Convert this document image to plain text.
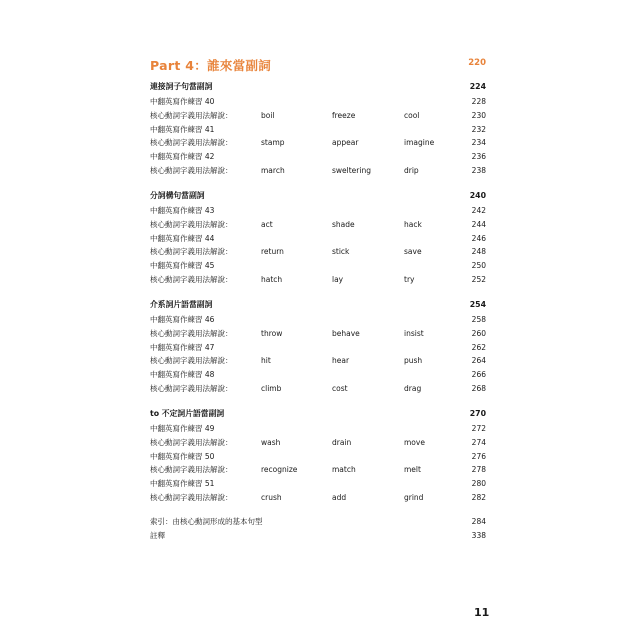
Part 4：誰來當副詞	220
連接詞子句當副詞	224
中翻英寫作練習 40	228
核心動詞字義用法解說：	boil	freeze	cool	230
中翻英寫作練習 41	232
核心動詞字義用法解說：	stamp	appear	imagine	234
中翻英寫作練習 42	236
核心動詞字義用法解說：	march	sweltering	drip	238
分詞構句當副詞	240
中翻英寫作練習 43	242
核心動詞字義用法解說：	act	shade	hack	244
中翻英寫作練習 44	246
核心動詞字義用法解說：	return	stick	save	248
中翻英寫作練習 45	250
核心動詞字義用法解說：	hatch	lay	try	252
介系詞片語當副詞	254
中翻英寫作練習 46	258
核心動詞字義用法解說：	throw	behave	insist	260
中翻英寫作練習 47	262
核心動詞字義用法解說：	hit	hear	push	264
中翻英寫作練習 48	266
核心動詞字義用法解說：	climb	cost	drag	268
to 不定詞片語當副詞	270
中翻英寫作練習 49	272
核心動詞字義用法解說：	wash	drain	move	274
中翻英寫作練習 50	276
核心動詞字義用法解說：	recognize	match	melt	278
中翻英寫作練習 51	280
核心動詞字義用法解說：	crush	add	grind	282
索引：由核心動詞形成的基本句型	284
註釋	338
11
